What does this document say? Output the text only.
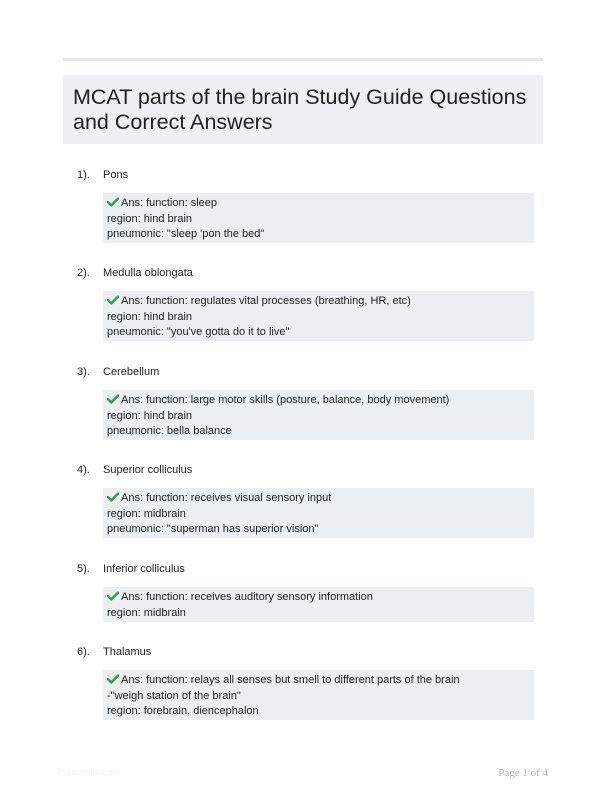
MCAT parts of the brain Study Guide Questions and Correct Answers
1). Pons
Ans: function: sleep
region: hind brain
pneumonic: "sleep 'pon the bed"
2). Medulla oblongata
Ans: function: regulates vital processes (breathing, HR, etc)
region: hind brain
pneumonic: "you've gotta do it to live"
3). Cerebellum
Ans: function: large motor skills (posture, balance, body movement)
region: hind brain
pneumonic: bella balance
4). Superior colliculus
Ans: function: receives visual sensory input
region: midbrain
pneumonic: "superman has superior vision"
5). Inferior colliculus
Ans: function: receives auditory sensory information
region: midbrain
6). Thalamus
Ans: function: relays all senses but smell to different parts of the brain
-"weigh station of the brain"
region: forebrain, diencephalon
Paperfolio.com	Page 1 of 4
